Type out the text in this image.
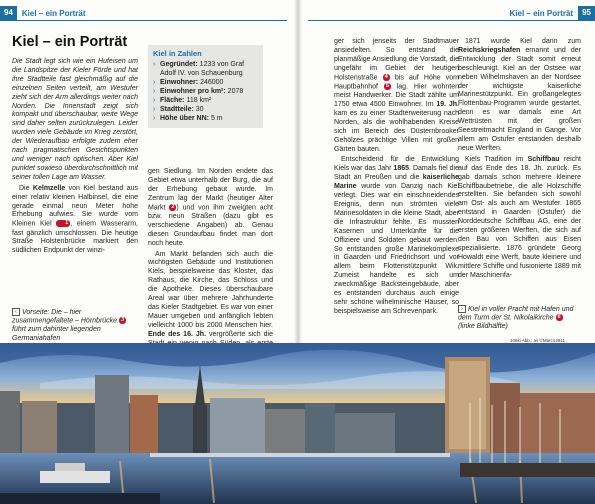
94	Kiel – ein Porträt
Kiel – ein Porträt

Die Stadt legt sich wie ein Hufeisen um die Landspitze der Kieler Förde und hat ihre Stadtteile fast gleichmäßig auf die einzelnen Seiten verteilt, am Westufer zieht sich der Arm allerdings weiter nach Norden. Die Innenstadt zeigt sich kompakt und überschaubar, weite Wege sind daher selten zurückzulegen. Leider wurden viele Gebäude im Krieg zerstört, der Wiederaufbau erfolgte zudem eher nach pragmatischen Gesichtspunkten und weniger nach optischen. Aber Kiel punktet sowieso überdurchschnittlich mit seiner tollen Lage am Wasser.

Die Kelmzelle von Kiel bestand aus einer relativ kleinen Halbinsel, die eine gerade einmal neun Meter hohe Erhebung aufwies. Sie wurde vom Kleinen Kiel 1 , einem Wasserarm, fast gänzlich umschlossen. Die heutige Straße Holstenbrücke markiert den südlichen Endpunkt der winzi-

Kiel in Zahlen
› Gegründet: 1233 von Graf Adolf IV. von Schauenburg
› Einwohner: 246000
› Einwohner pro km²: 2078
› Fläche: 118 km²
› Stadtteile: 30
› Höhe über NN: 5 m

gen Siedlung. Im Norden endete das Gebiet etwa unterhalb der Burg, die auf der Erhebung gebaut wurde. Im Zentrum lag der Markt (heutiger Alter Markt 2 ) und von ihm zweigten acht bzw. neun Straßen (dazu gibt es verschiedene Angaben) ab. Genau diesen Grundaufbau findet man dort noch heute.

Am Markt befanden sich auch die wichtigsten Gebäude und Institutionen Kiels, beispielsweise das Kloster, das Rathaus, die Kirche, das Schloss und die Apotheke. Dieses überschaubare Areal war über mehrere Jahrhunderte das Kieler Stadtgebiet. Es war von einer Mauer umgeben und anfänglich lebten vielleicht 1000 bis 2000 Menschen hier. Ende des 16. Jh. vergrößerte sich die

‹ Vorseite: Die – hier zusammengefaltete – Hörnbrücke 3 führt zum dahinter liegenden Germaniahafen
Kiel – ein Porträt	95

ger sich jenseits der Stadtmauer ansiedelten. So entstand die planmäßige Ansiedlung die Vorstadt, die ungefähr im Gebiet der heutigen Holstenstraße 4 bis auf Höhe vom Hauptbahnhof 5 lag. Hier wohnten meist Handwerker. Die Stadt zählte um 1750 etwa 4500 Einwohner. Im 19. Jh. kam es zu einer Stadterweiterung nach Norden, als die wohlhabenden Kreise sich im Bereich des Düsternbrooker Gehölzes prächtige Villen mit großen Gärten bauten.

Entscheidend für die Entwicklung Kiels war das Jahr 1865. Damals fiel die Stadt an Preußen und die kaiserliche Marine wurde von Danzig nach Kiel verlegt. Dies war ein einschneidendes Ereignis, denn nun strömten viele Marinesoldaten in die kleine Stadt, aber die Infrastruktur fehlte. Es mussten Kasernen und Unterkünfte für die Offiziere und Soldaten gebaut werden. So entstanden große Marinekomplexe in Gaarden und Friedrichsort und vor allem beim Flottenstützpunkt Wik. Zumeist handelte es sich um zweckmäßige Backsteingebäude, aber es entstanden durchaus auch einige sehr schöne wilhelminische Häuser, so beispielsweise am Schrevenpark.

1871 wurde Kiel dann zum Reichskriegshafen ernannt und der Entwicklung der Stadt somit erneut beschleunigt. Kiel an der Ostsee war neben Wilhelmshaven an der Nordsee der wichtigste kaiserliche Marinestützpunkt. Ein großangelegtes Flottenbau-Programm wurde gestartet, denn es war damals eine Art Wettrüsten mit der großen Seestreitmacht England in Gange. Vor allem am Ostufer entstanden deshalb neue Werften.

Kiels Tradition im Schiffbau reicht auf das Ende des 18. Jh. zurück. Es gab damals schon mehrere kleinere Schiffbaubetriebe, die alle Holzschiffe erstellten. Sie befanden sich sowohl am Ost- als auch am Westufer. 1865 entstand in Gaarden (Ostufer) die Norddeutsche Schiffbau AG, eine der ersten größeren Werften, die sich auf den Bau von Schiffen aus Eisen spezialisierte. 1876 gründete Georg Howaldt eine Werft, baute kleinere und mittlere Schiffe und fusionierte 1889 mit der Maschinenfa-

› Kiel in voller Pracht mit Hafen und dem Turm der St. Nikolaikirche 6 (linke Bildhälfte)
106ki Abb.: as ©Marco2811
